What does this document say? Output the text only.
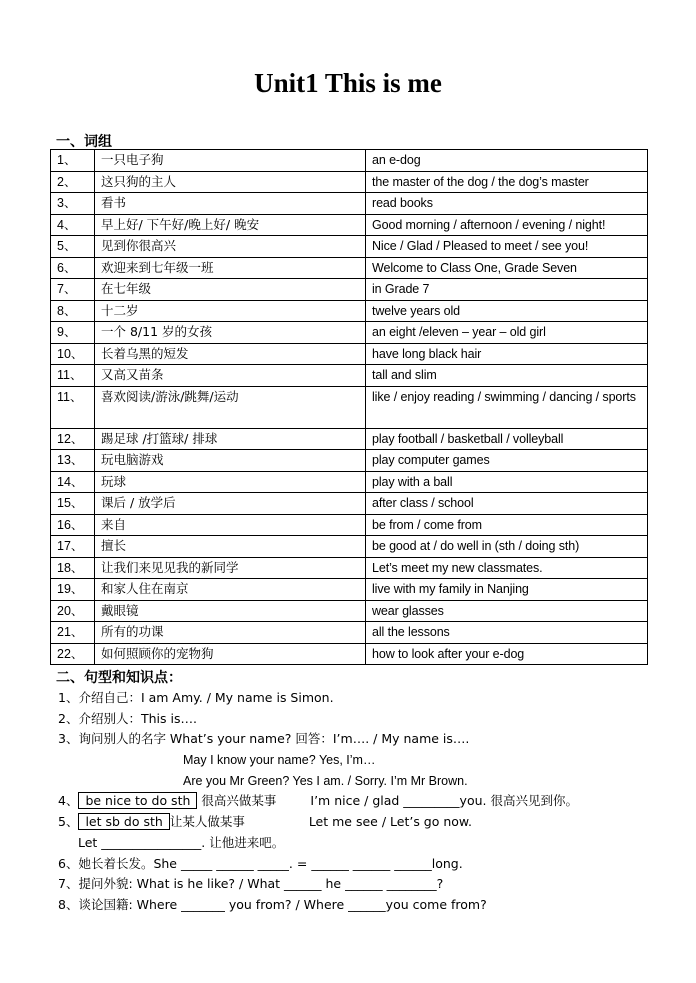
Unit1 This is me
一、词组
1、	一只电子狗	an e-dog
2、	这只狗的主人	the master of the dog / the dog’s master
3、	看书	read books
4、	早上好/ 下午好/晚上好/ 晚安	Good morning / afternoon / evening / night!
5、	见到你很高兴	Nice / Glad / Pleased to meet / see you!
6、	欢迎来到七年级一班	Welcome to Class One, Grade Seven
7、	在七年级	in Grade 7
8、	十二岁	twelve years old
9、	一个 8/11 岁的女孩	an eight /eleven – year – old girl
10、	长着乌黑的短发	have long black hair
11、	又高又苗条	tall and slim
11、	喜欢阅读/游泳/跳舞/运动	like / enjoy reading / swimming / dancing / sports
12、	踢足球 /打篮球/ 排球	play football / basketball / volleyball
13、	玩电脑游戏	play computer games
14、	玩球	play with a ball
15、	课后 / 放学后	after class / school
16、	来自	be from / come from
17、	擅长	be good at / do well in (sth / doing sth)
18、	让我们来见见我的新同学	Let’s meet my new classmates.
19、	和家人住在南京	live with my family in Nanjing
20、	戴眼镜	wear glasses
21、	所有的功课	all the lessons
22、	如何照顾你的宠物狗	how to look after your e-dog
二、句型和知识点：
1、介绍自己：I am Amy. / My name is Simon.
2、介绍别人：This is….
3、询问别人的名字 What’s your name? 回答：I’m…. / My name is….
May I know your name? Yes, I’m…
Are you Mr Green? Yes I am. / Sorry. I’m Mr Brown.
4、 be nice to do sth 很高兴做某事	I’m nice / glad _________you. 很高兴见到你。
5、 let sb do sth 让某人做某事	Let me see / Let’s go now.
Let ________________. 让他进来吧。
6、她长着长发。She _____ ______ _____. = ______ ______ ______long.
7、提问外貌: What is he like? / What ______ he ______ ________?
8、谈论国籍: Where _______ you from? / Where ______you come from?
